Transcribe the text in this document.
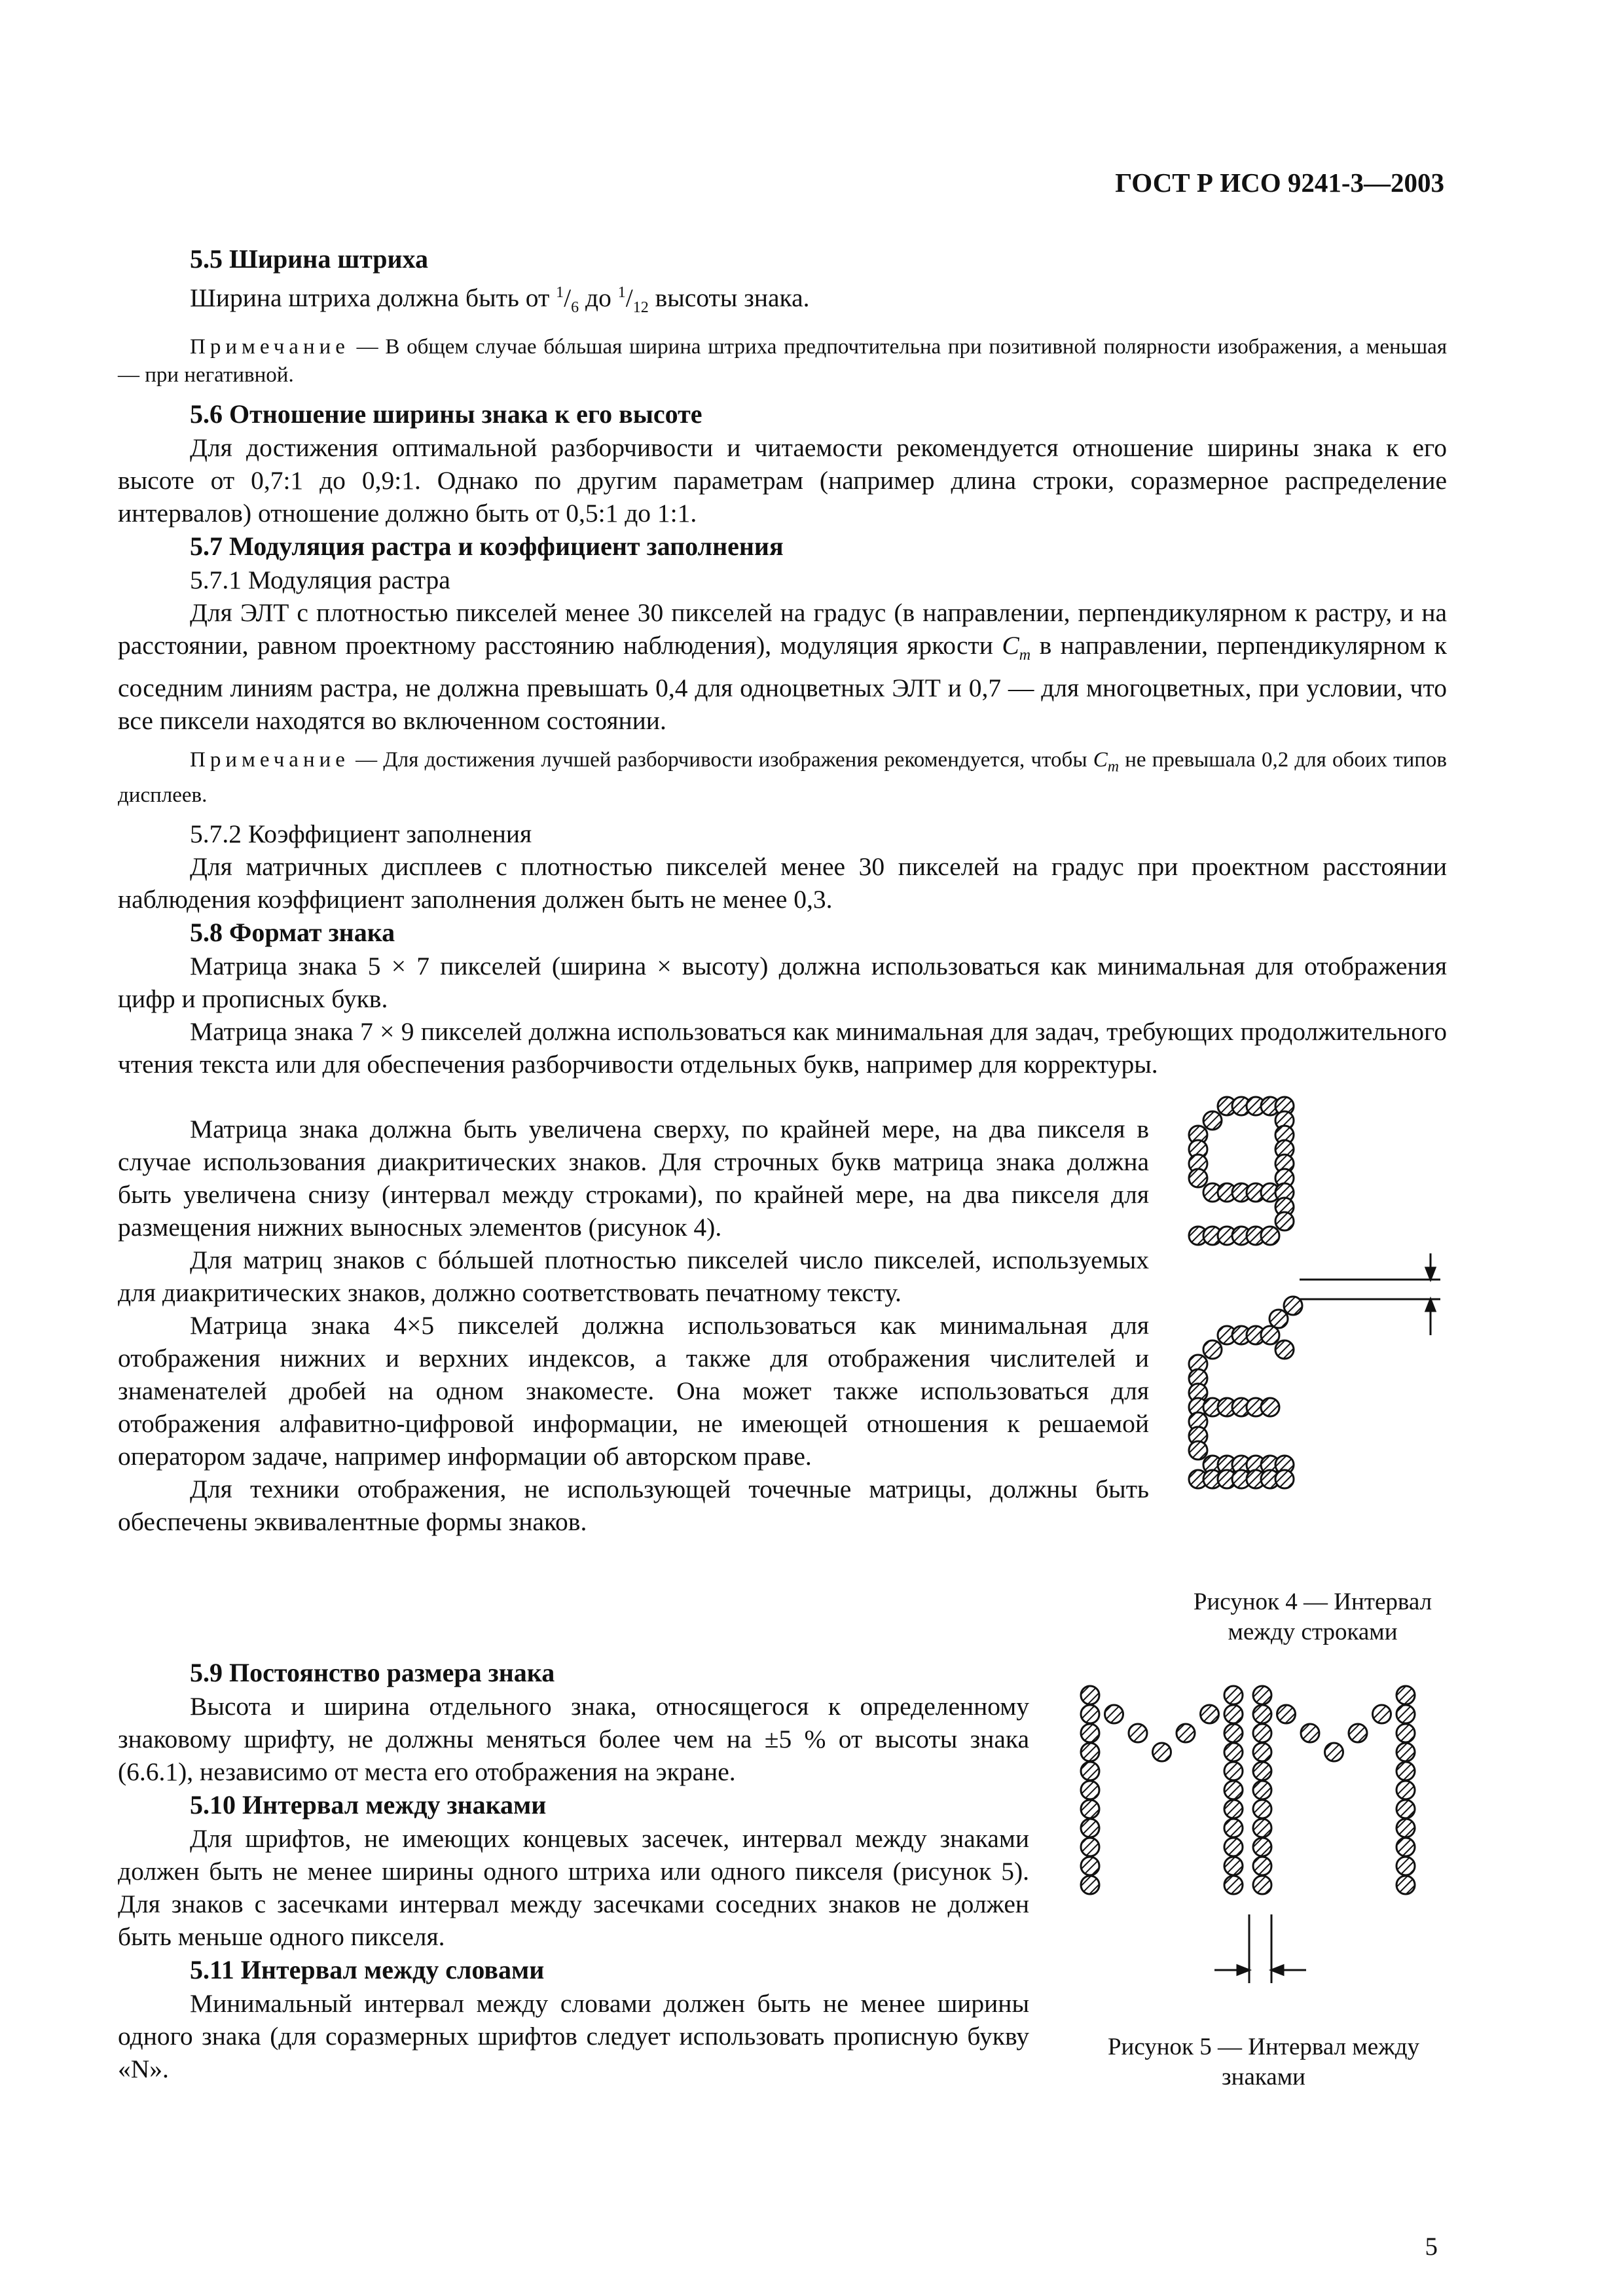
ГОСТ Р ИСО 9241-3—2003
5.5 Ширина штриха

Ширина штриха должна быть от $^1/_6$ до $^1/_{12}$ высоты знака.

Примечание — В общем случае бóльшая ширина штриха предпочтительна при позитивной полярности изображения, а меньшая — при негативной.

5.6 Отношение ширины знака к его высоте

Для достижения оптимальной разборчивости и читаемости рекомендуется отношение ширины знака к его высоте от 0,7:1 до 0,9:1. Однако по другим параметрам (например длина строки, соразмерное распределение интервалов) отношение должно быть от 0,5:1 до 1:1.

5.7 Модуляция растра и коэффициент заполнения

5.7.1 Модуляция растра

Для ЭЛТ с плотностью пикселей менее 30 пикселей на градус (в направлении, перпендикулярном к растру, и на расстоянии, равном проектному расстоянию наблюдения), модуляция яркости $C_m$ в направлении, перпендикулярном к соседним линиям растра, не должна превышать 0,4 для одноцветных ЭЛТ и 0,7 — для многоцветных, при условии, что все пиксели находятся во включенном состоянии.

Примечание — Для достижения лучшей разборчивости изображения рекомендуется, чтобы $C_m$ не превышала 0,2 для обоих типов дисплеев.

5.7.2 Коэффициент заполнения

Для матричных дисплеев с плотностью пикселей менее 30 пикселей на градус при проектном расстоянии наблюдения коэффициент заполнения должен быть не менее 0,3.

5.8 Формат знака

Матрица знака 5 × 7 пикселей (ширина × высоту) должна использоваться как минимальная для отображения цифр и прописных букв.

Матрица знака 7 × 9 пикселей должна использоваться как минимальная для задач, требующих продолжительного чтения текста или для обеспечения разборчивости отдельных букв, например для корректуры.

Матрица знака должна быть увеличена сверху, по крайней мере, на два пикселя в случае использования диакритических знаков. Для строчных букв матрица знака должна быть увеличена снизу (интервал между строками), по крайней мере, на два пикселя для размещения нижних выносных элементов (рисунок 4).

Для матриц знаков с бóльшей плотностью пикселей число пикселей, используемых для диакритических знаков, должно соответствовать печатному тексту.

Матрица знака 4×5 пикселей должна использоваться как минимальная для отображения нижних и верхних индексов, а также для отображения числителей и знаменателей дробей на одном знакоместе. Она может также использоваться для отображения алфавитно-цифровой информации, не имеющей отношения к решаемой оператором задаче, например информации об авторском праве.

Для техники отображения, не использующей точечные матрицы, должны быть обеспечены эквивалентные формы знаков.

5.9 Постоянство размера знака

Высота и ширина отдельного знака, относящегося к определенному знаковому шрифту, не должны меняться более чем на ±5 % от высоты знака (6.6.1), независимо от места его отображения на экране.

5.10 Интервал между знаками

Для шрифтов, не имеющих концевых засечек, интервал между знаками должен быть не менее ширины одного штриха или одного пикселя (рисунок 5). Для знаков с засечками интервал между засечками соседних знаков не должен быть меньше одного пикселя.

5.11 Интервал между словами

Минимальный интервал между словами должен быть не менее ширины одного знака (для соразмерных шрифтов следует использовать прописную букву «N».

Рисунок 4 — Интервал между строками
Рисунок 5 — Интервал между знаками
5
